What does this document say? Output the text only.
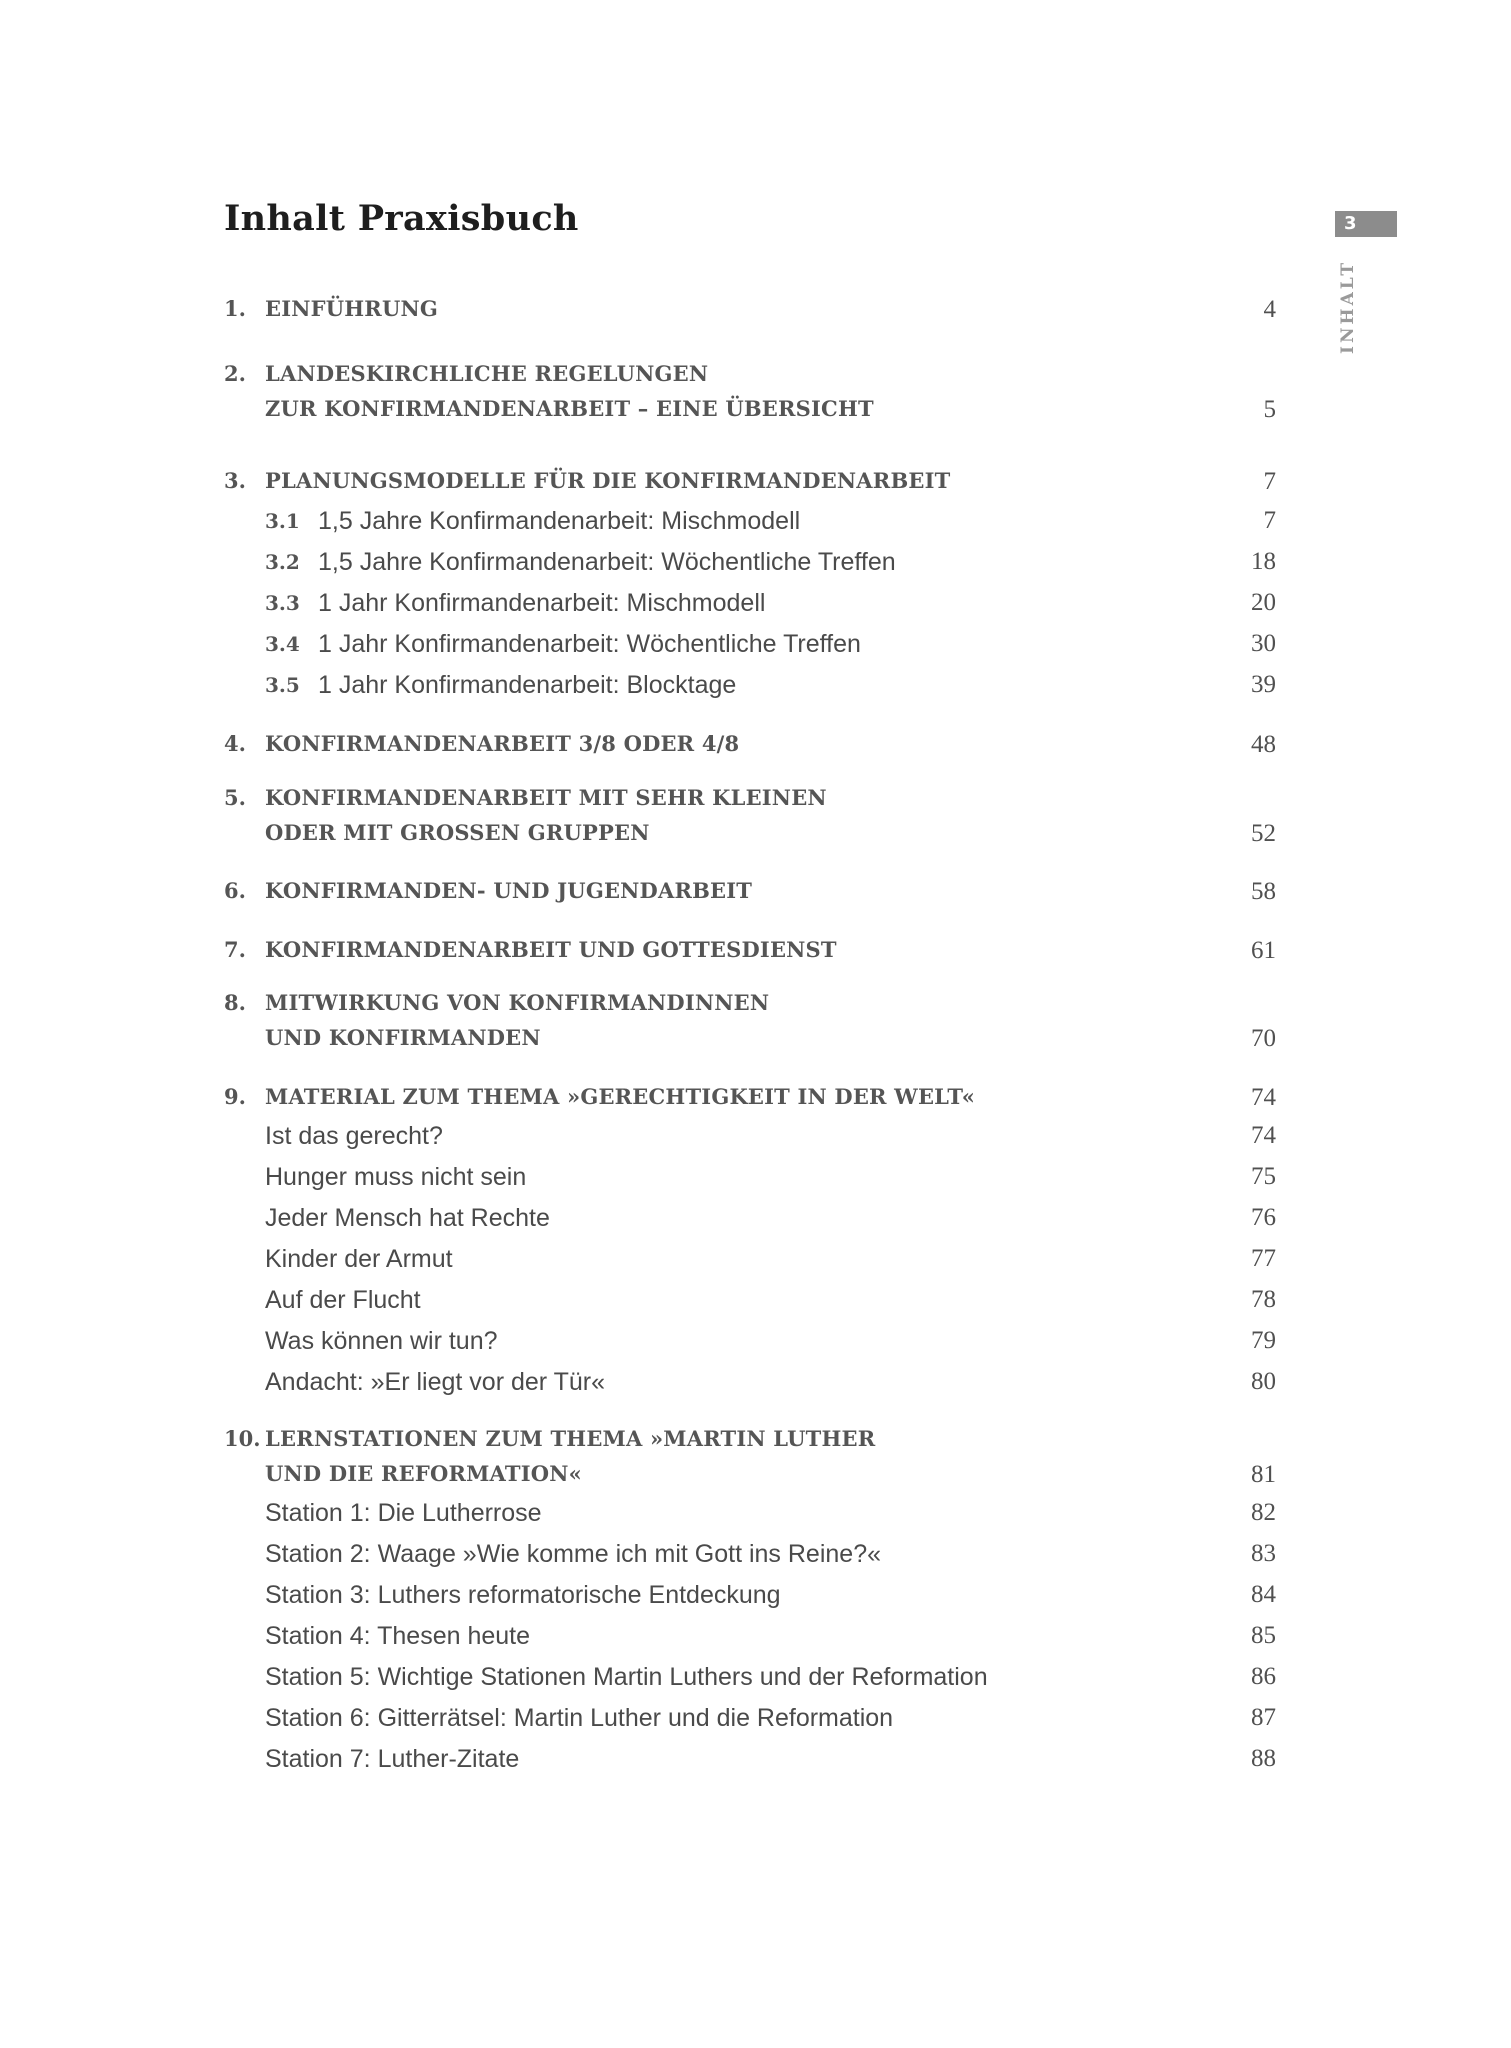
Inhalt Praxisbuch	3
INHALT
1. EINFÜHRUNG	4
2. LANDESKIRCHLICHE REGELUNGEN
ZUR KONFIRMANDENARBEIT – EINE ÜBERSICHT	5
3. PLANUNGSMODELLE FÜR DIE KONFIRMANDENARBEIT	7
3.1 1,5 Jahre Konfirmandenarbeit: Mischmodell	7
3.2 1,5 Jahre Konfirmandenarbeit: Wöchentliche Treffen	18
3.3 1 Jahr Konfirmandenarbeit: Mischmodell	20
3.4 1 Jahr Konfirmandenarbeit: Wöchentliche Treffen	30
3.5 1 Jahr Konfirmandenarbeit: Blocktage	39
4. KONFIRMANDENARBEIT 3/8 ODER 4/8	48
5. KONFIRMANDENARBEIT MIT SEHR KLEINEN
ODER MIT GROSSEN GRUPPEN	52
6. KONFIRMANDEN- UND JUGENDARBEIT	58
7. KONFIRMANDENARBEIT UND GOTTESDIENST	61
8. MITWIRKUNG VON KONFIRMANDINNEN
UND KONFIRMANDEN	70
9. MATERIAL ZUM THEMA »GERECHTIGKEIT IN DER WELT«	74
Ist das gerecht?	74
Hunger muss nicht sein	75
Jeder Mensch hat Rechte	76
Kinder der Armut	77
Auf der Flucht	78
Was können wir tun?	79
Andacht: »Er liegt vor der Tür«	80
10. LERNSTATIONEN ZUM THEMA »MARTIN LUTHER
UND DIE REFORMATION«	81
Station 1: Die Lutherrose	82
Station 2: Waage »Wie komme ich mit Gott ins Reine?«	83
Station 3: Luthers reformatorische Entdeckung	84
Station 4: Thesen heute	85
Station 5: Wichtige Stationen Martin Luthers und der Reformation	86
Station 6: Gitterrätsel: Martin Luther und die Reformation	87
Station 7: Luther-Zitate	88
